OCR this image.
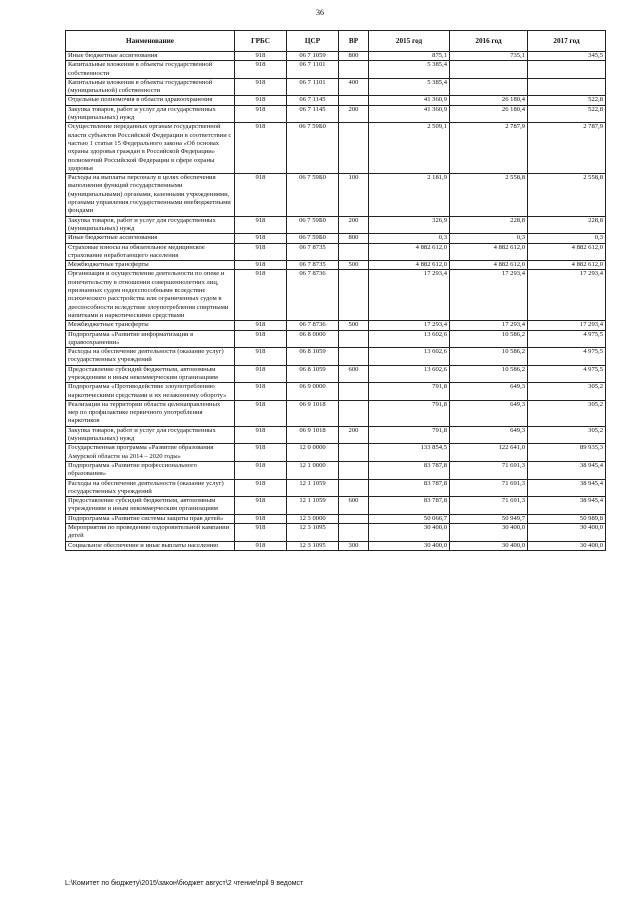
36
Наименование	ГРБС	ЦСР	ВР	2015 год	2016 год	2017 год
Иные бюджетные ассигнования	918	06 7 1059	800	875,1	735,1	345,5
Капитальные вложения в объекты государственной собственности	918	06 7 1101		5 385,4		
Капитальные вложения в объекты государственной (муниципальной) собственности	918	06 7 1101	400	5 385,4		
Отдельные полномочия в области здравоохранения	918	06 7 1145		41 360,9	26 180,4	522,8
Закупка товаров, работ и услуг для государственных (муниципальных) нужд	918	06 7 1145	200	41 360,9	26 180,4	522,8
Осуществление переданных органам государственной власти субъектов Российской Федерации в соответствии с частью 1 статьи 15 Федерального закона «Об основах охраны здоровья граждан в Российской Федерации» полномочий Российской Федерации в сфере охраны здоровья	918	06 7 59Б0		2 509,1	2 787,9	2 787,9
Расходы на выплаты персоналу в целях обеспечения выполнения функций государственными (муниципальными) органами, казенными учреждениями, органами управления государственными внебюджетными фондами	918	06 7 59Б0	100	2 181,9	2 558,8	2 558,8
Закупка товаров, работ и услуг для государственных (муниципальных) нужд	918	06 7 59Б0	200	326,9	228,8	228,8
Иные бюджетные ассигнования	918	06 7 59Б0	800	0,3	0,3	0,3
Страховые взносы на обязательное медицинское страхование неработающего населения	918	06 7 8735		4 882 612,0	4 882 612,0	4 882 612,0
Межбюджетные трансферты	918	06 7 8735	500	4 882 612,0	4 882 612,0	4 882 612,0
Организация и осуществление деятельности по опеке и попечительству в отношении совершеннолетних лиц, признанных судом недееспособными вследствие психического расстройства или ограниченных судом в дееспособности вследствие злоупотребления спиртными напитками и наркотическими средствами	918	06 7 8736		17 293,4	17 293,4	17 293,4
Межбюджетные трансферты	918	06 7 8736	500	17 293,4	17 293,4	17 293,4
Подпрограмма «Развитие информатизации в здравоохранении»	918	06 8 0000		13 602,6	10 586,2	4 975,5
Расходы на обеспечение деятельности (оказание услуг) государственных учреждений	918	06 8 1059		13 602,6	10 586,2	4 975,5
Предоставление субсидий бюджетным, автономным учреждениям и иным некоммерческим организациям	918	06 8 1059	600	13 602,6	10 586,2	4 975,5
Подпрограмма «Противодействие злоупотреблению наркотическими средствами и их незаконному обороту»	918	06 9 0000		791,8	649,3	305,2
Реализация на территории области целенаправленных мер по профилактике первичного употребления наркотиков	918	06 9 1018		791,8	649,3	305,2
Закупка товаров, работ и услуг для государственных (муниципальных) нужд	918	06 9 1018	200	791,8	649,3	305,2
Государственная программа «Развитие образования Амурской области на 2014 – 2020 годы»	918	12 0 0000		133 854,5	122 641,0	89 935,3
Подпрограмма «Развитие профессионального образования»	918	12 1 0000		83 787,8	71 691,3	38 945,4
Расходы на обеспечение деятельности (оказание услуг) государственных учреждений	918	12 1 1059		83 787,8	71 691,3	38 945,4
Предоставление субсидий бюджетным, автономным учреждениям и иным некоммерческим организациям	918	12 1 1059	600	83 787,8	71 691,3	38 945,4
Подпрограмма «Развитие системы защиты прав детей»	918	12 3 0000		50 066,7	50 949,7	50 989,8
Мероприятия по проведению оздоровительной кампании детей	918	12 3 1095		30 400,0	30 400,0	30 400,0
Социальное обеспечение и иные выплаты населению	918	12 3 1095	300	30 400,0	30 400,0	30 400,0
L:\Комитет по бюджету\2015\закон\бюджет август\2 чтение\прil 9 ведомст
